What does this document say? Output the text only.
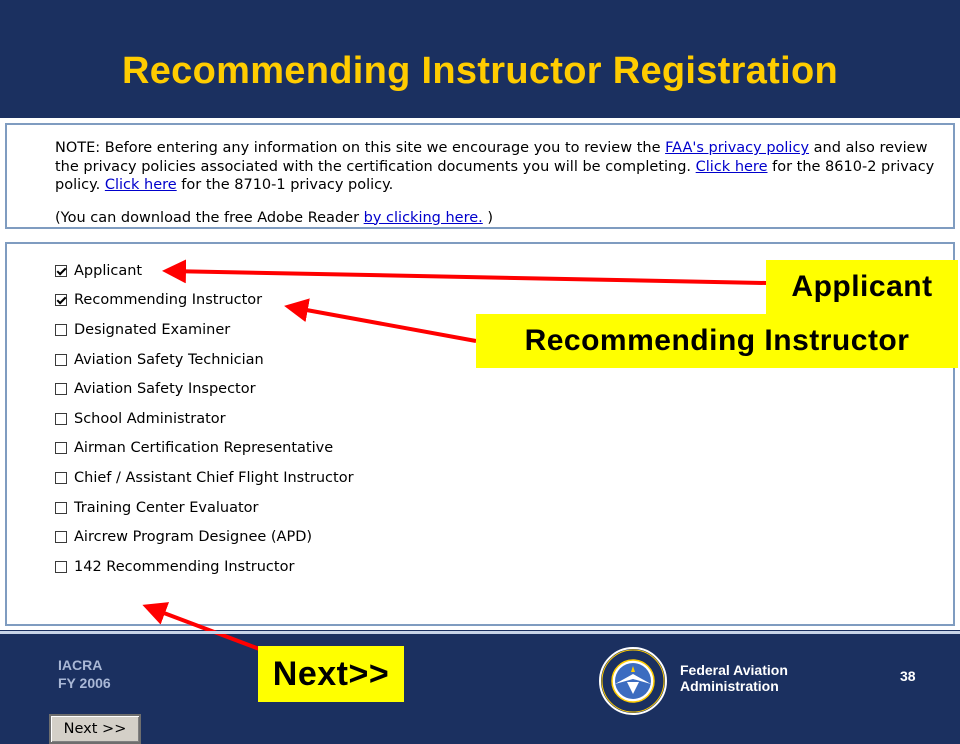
Recommending Instructor Registration

NOTE: Before entering any information on this site we encourage you to review the FAA's privacy policy and also review the privacy policies associated with the certification documents you will be completing. Click here for the 8610-2 privacy policy. Click here for the 8710-1 privacy policy.

(You can download the free Adobe Reader by clicking here. )

Applicant
Recommending Instructor
Designated Examiner
Aviation Safety Technician
Aviation Safety Inspector
School Administrator
Airman Certification Representative
Chief / Assistant Chief Flight Instructor
Training Center Evaluator
Aircrew Program Designee (APD)
142 Recommending Instructor
Next >>
Applicant
Recommending Instructor
IACRA
FY 2006	Next>>	Federal Aviation
Administration
38
